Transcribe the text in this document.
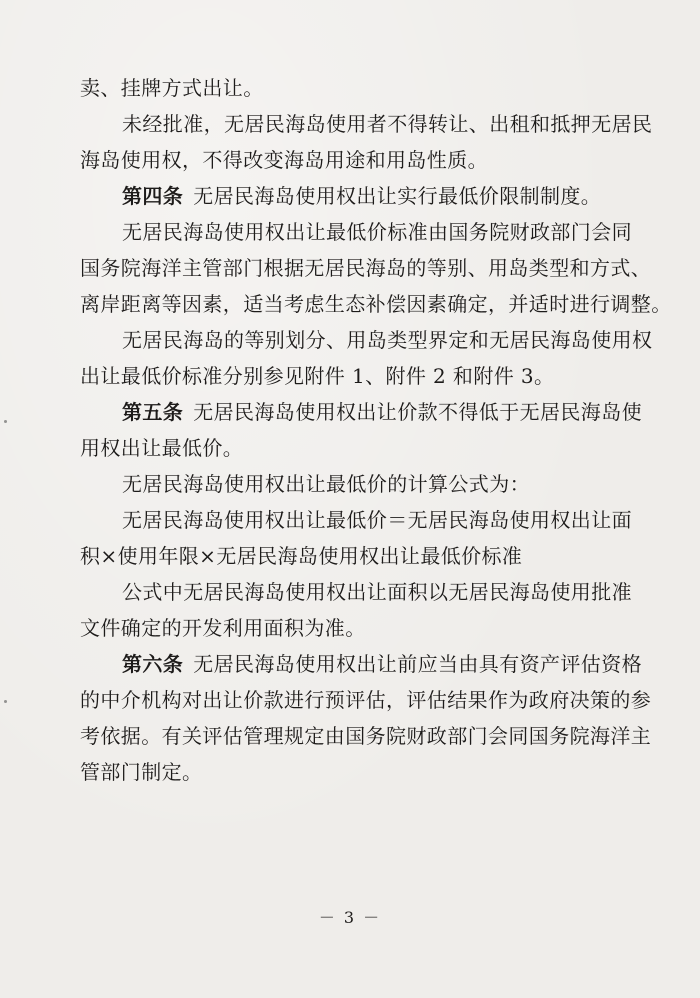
卖、挂牌方式出让。
未经批准，无居民海岛使用者不得转让、出租和抵押无居民
海岛使用权，不得改变海岛用途和用岛性质。
第四条 无居民海岛使用权出让实行最低价限制制度。
无居民海岛使用权出让最低价标准由国务院财政部门会同
国务院海洋主管部门根据无居民海岛的等别、用岛类型和方式、
离岸距离等因素，适当考虑生态补偿因素确定，并适时进行调整。
无居民海岛的等别划分、用岛类型界定和无居民海岛使用权
出让最低价标准分别参见附件 1、附件 2 和附件 3。
第五条 无居民海岛使用权出让价款不得低于无居民海岛使
用权出让最低价。
无居民海岛使用权出让最低价的计算公式为：
无居民海岛使用权出让最低价＝无居民海岛使用权出让面
积×使用年限×无居民海岛使用权出让最低价标准
公式中无居民海岛使用权出让面积以无居民海岛使用批准
文件确定的开发利用面积为准。
第六条 无居民海岛使用权出让前应当由具有资产评估资格
的中介机构对出让价款进行预评估，评估结果作为政府决策的参
考依据。有关评估管理规定由国务院财政部门会同国务院海洋主
管部门制定。
－ 3 －
